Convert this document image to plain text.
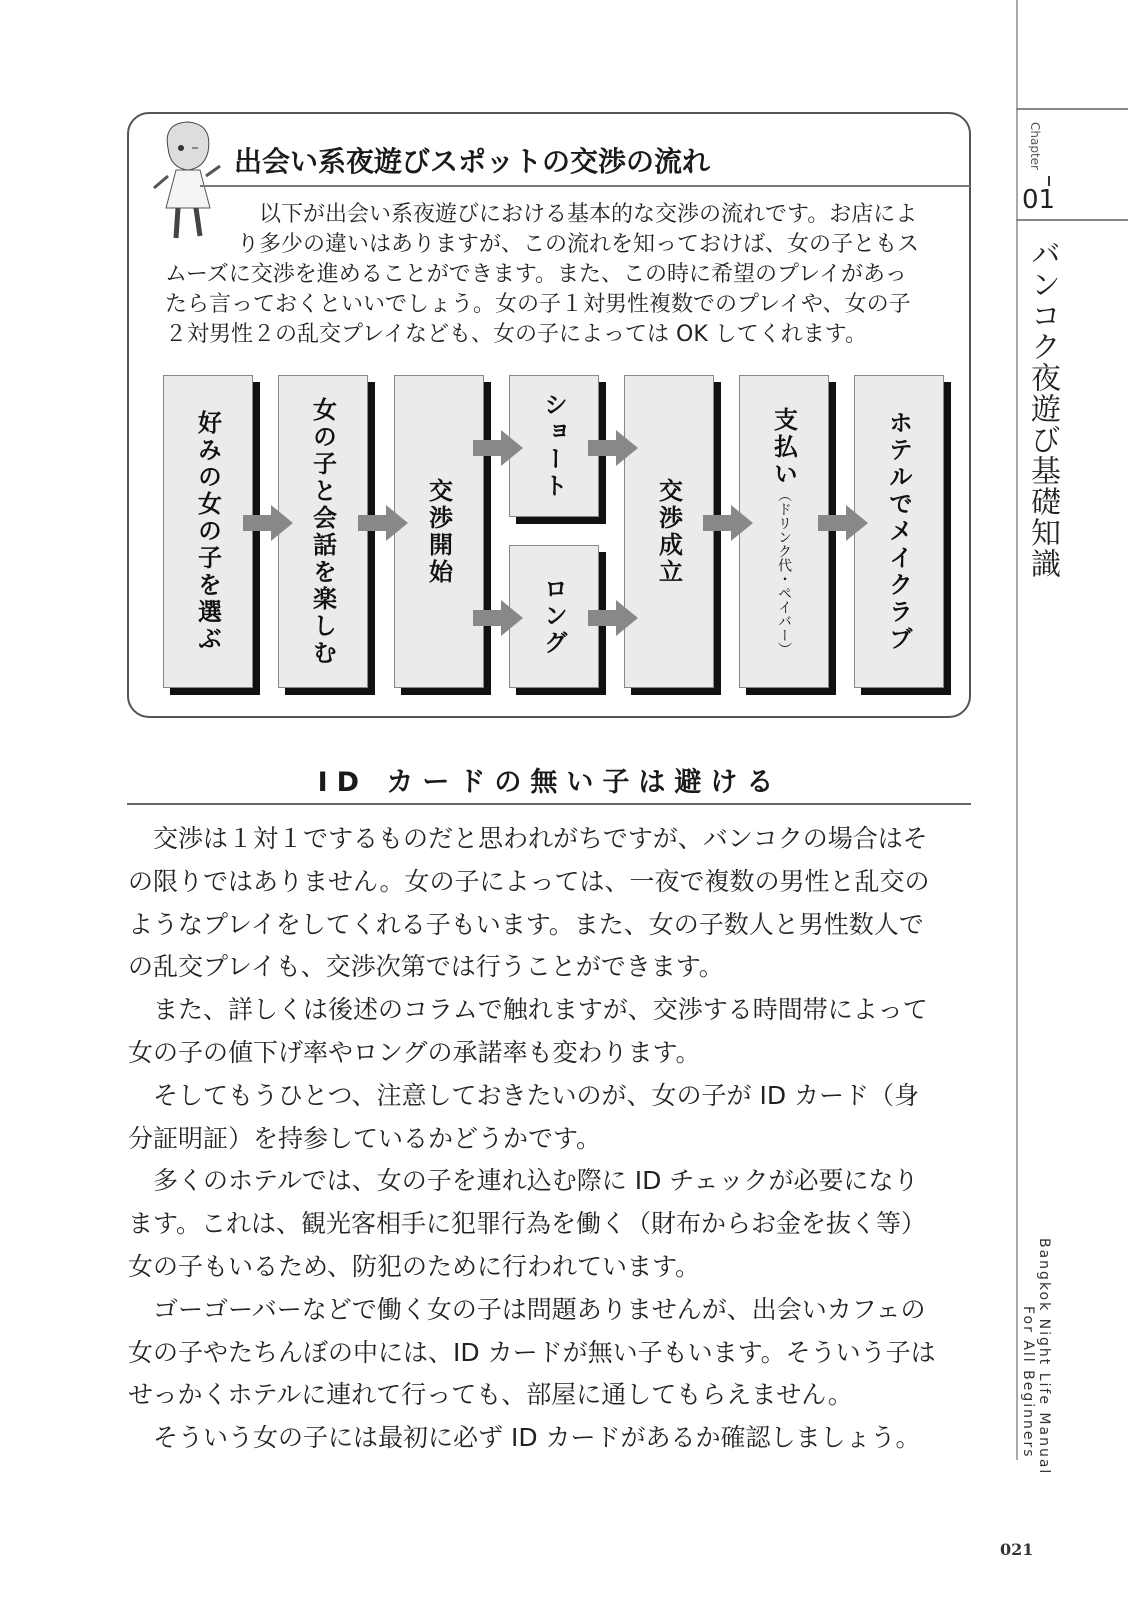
Chapter
01
バンコク夜遊び基礎知識
Bangkok Night Life Manual
For All Beginners
021
出会い系夜遊びスポットの交渉の流れ
　以下が出会い系夜遊びにおける基本的な交渉の流れです。お店によ
り多少の違いはありますが、この流れを知っておけば、女の子ともス
ムーズに交渉を進めることができます。また、この時に希望のプレイがあっ
たら言っておくといいでしょう。女の子１対男性複数でのプレイや、女の子
２対男性２の乱交プレイなども、女の子によっては OK してくれます。
好みの女の子を選ぶ	女の子と会話を楽しむ	交渉開始
ショート
ロング
交渉成立
支払い
（ドリンク代・ペイバー）	ホテルでメイクラブ
ID カードの無い子は避ける
　交渉は１対１でするものだと思われがちですが、バンコクの場合はそ
の限りではありません。女の子によっては、一夜で複数の男性と乱交の
ようなプレイをしてくれる子もいます。また、女の子数人と男性数人で
の乱交プレイも、交渉次第では行うことができます。
　また、詳しくは後述のコラムで触れますが、交渉する時間帯によって
女の子の値下げ率やロングの承諾率も変わります。
　そしてもうひとつ、注意しておきたいのが、女の子が ID カード（身
分証明証）を持参しているかどうかです。
　多くのホテルでは、女の子を連れ込む際に ID チェックが必要になり
ます。これは、観光客相手に犯罪行為を働く（財布からお金を抜く等）
女の子もいるため、防犯のために行われています。
　ゴーゴーバーなどで働く女の子は問題ありませんが、出会いカフェの
女の子やたちんぼの中には、ID カードが無い子もいます。そういう子は
せっかくホテルに連れて行っても、部屋に通してもらえません。
　そういう女の子には最初に必ず ID カードがあるか確認しましょう。
